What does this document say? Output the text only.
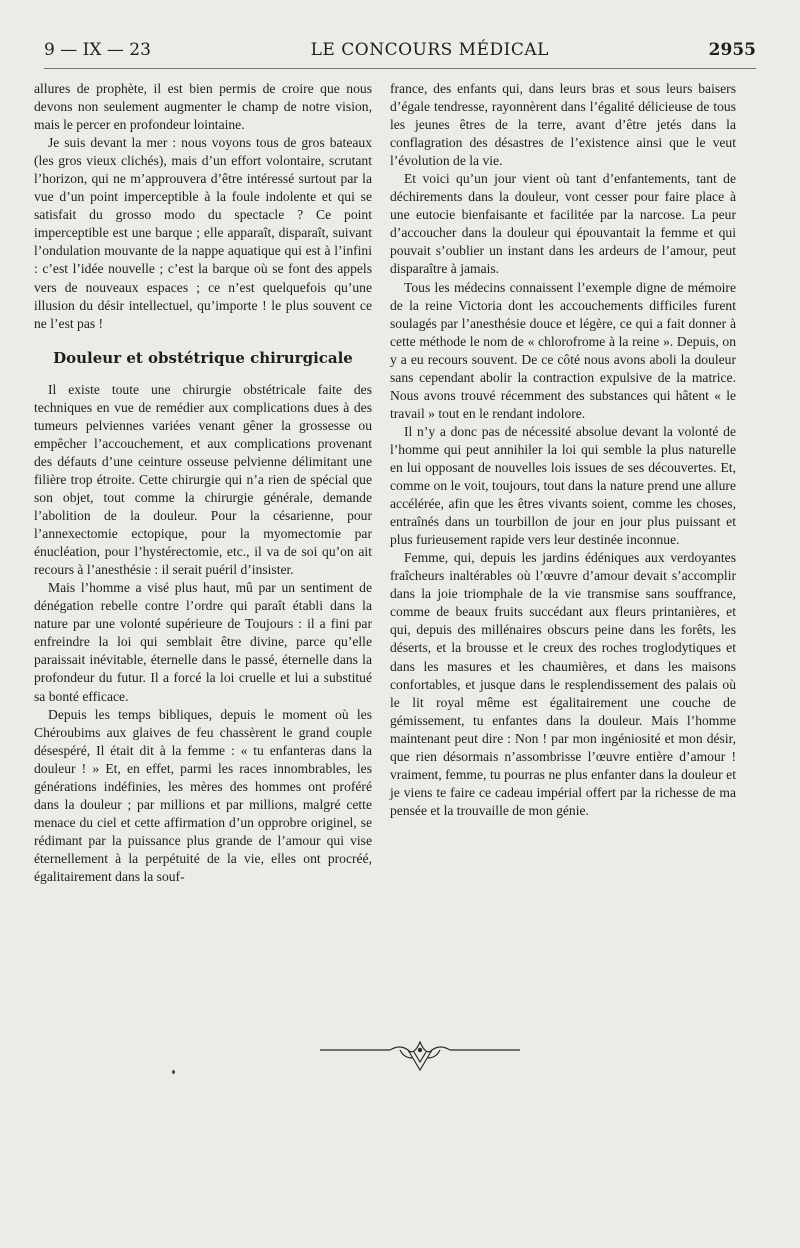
9 — IX — 23	LE CONCOURS MÉDICAL	2955

allures de prophète, il est bien permis de croire que nous devons non seulement augmenter le champ de notre vision, mais le percer en profondeur lointaine.

Je suis devant la mer : nous voyons tous de gros bateaux (les gros vieux clichés), mais d’un effort volontaire, scrutant l’horizon, qui ne m’approuvera d’être intéressé surtout par la vue d’un point imperceptible à la foule indolente et qui se satisfait du grosso modo du spectacle ? Ce point imperceptible est une barque ; elle apparaît, disparaît, suivant l’ondulation mouvante de la nappe aquatique qui est à l’infini : c’est l’idée nouvelle ; c’est la barque où se font des appels vers de nouveaux espaces ; ce n’est quelquefois qu’une illusion du désir intellectuel, qu’importe ! le plus souvent ce ne l’est pas !

Douleur et obstétrique chirurgicale

Il existe toute une chirurgie obstétricale faite des techniques en vue de remédier aux complications dues à des tumeurs pelviennes variées venant gêner la grossesse ou empêcher l’accouchement, et aux complications provenant des défauts d’une ceinture osseuse pelvienne délimitant une filière trop étroite. Cette chirurgie qui n’a rien de spécial que son objet, tout comme la chirurgie générale, demande l’abolition de la douleur. Pour la césarienne, pour l’annexectomie ectopique, pour la myomectomie par énucléation, pour l’hystérectomie, etc., il va de soi qu’on ait recours à l’anesthésie : il serait puéril d’insister.

Mais l’homme a visé plus haut, mû par un sentiment de dénégation rebelle contre l’ordre qui paraît établi dans la nature par une volonté supérieure de Toujours : il a fini par enfreindre la loi qui semblait être divine, parce qu’elle paraissait inévitable, éternelle dans le passé, éternelle dans la profondeur du futur. Il a forcé la loi cruelle et lui a substitué sa bonté efficace.

Depuis les temps bibliques, depuis le moment où les Chéroubims aux glaives de feu chassèrent le grand couple désespéré, Il était dit à la femme : « tu enfanteras dans la douleur ! » Et, en effet, parmi les races innombrables, les générations indéfinies, les mères des hommes ont proféré dans la douleur ; par millions et par millions, malgré cette menace du ciel et cette affirmation d’un opprobre originel, se rédimant par la puissance plus grande de l’amour qui vise éternellement à la perpétuité de la vie, elles ont procréé, égalitairement dans la souf-

france, des enfants qui, dans leurs bras et sous leurs baisers d’égale tendresse, rayonnèrent dans l’égalité délicieuse de tous les jeunes êtres de la terre, avant d’être jetés dans la conflagration des désastres de l’existence ainsi que le veut l’évolution de la vie.

Et voici qu’un jour vient où tant d’enfantements, tant de déchirements dans la douleur, vont cesser pour faire place à une eutocie bienfaisante et facilitée par la narcose. La peur d’accoucher dans la douleur qui épouvantait la femme et qui pouvait s’oublier un instant dans les ardeurs de l’amour, peut disparaître à jamais.

Tous les médecins connaissent l’exemple digne de mémoire de la reine Victoria dont les accouchements difficiles furent soulagés par l’anesthésie douce et légère, ce qui a fait donner à cette méthode le nom de « chlorofrome à la reine ». Depuis, on y a eu recours souvent. De ce côté nous avons aboli la douleur sans cependant abolir la contraction expulsive de la matrice. Nous avons trouvé récemment des substances qui hâtent « le travail » tout en le rendant indolore.

Il n’y a donc pas de nécessité absolue devant la volonté de l’homme qui peut annihiler la loi qui semble la plus naturelle en lui opposant de nouvelles lois issues de ses découvertes. Et, comme on le voit, toujours, tout dans la nature prend une allure accélérée, afin que les êtres vivants soient, comme les choses, entraînés dans un tourbillon de jour en jour plus puissant et plus furieusement rapide vers leur destinée inconnue.

Femme, qui, depuis les jardins édéniques aux verdoyantes fraîcheurs inaltérables où l’œuvre d’amour devait s’accomplir dans la joie triomphale de la vie transmise sans souffrance, comme de beaux fruits succédant aux fleurs printanières, et qui, depuis des millénaires obscurs peine dans les forêts, les déserts, et la brousse et le creux des roches troglodytiques et dans les masures et les chaumières, et dans les maisons confortables, et jusque dans le resplendissement des palais où le lit royal même est égalitairement une couche de gémissement, tu enfantes dans la douleur. Mais l’homme maintenant peut dire : Non ! par mon ingéniosité et mon désir, que rien désormais n’assombrisse l’œuvre entière d’amour ! vraiment, femme, tu pourras ne plus enfanter dans la douleur et je viens te faire ce cadeau impérial offert par la richesse de ma pensée et la trouvaille de mon génie.
